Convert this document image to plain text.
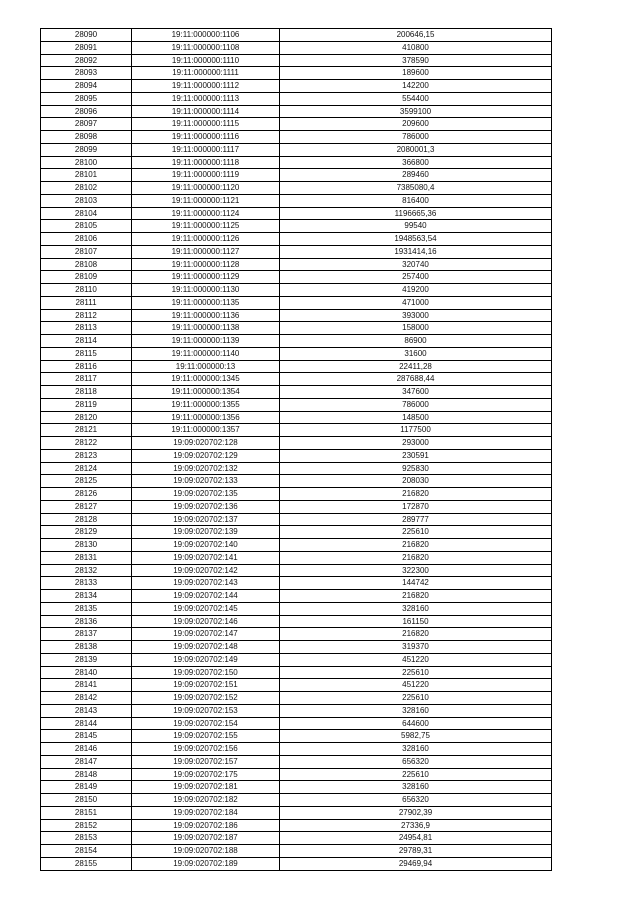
28090	19:11:000000:1106	200646,15
28091	19:11:000000:1108	410800
28092	19:11:000000:1110	378590
28093	19:11:000000:1111	189600
28094	19:11:000000:1112	142200
28095	19:11:000000:1113	554400
28096	19:11:000000:1114	3599100
28097	19:11:000000:1115	209600
28098	19:11:000000:1116	786000
28099	19:11:000000:1117	2080001,3
28100	19:11:000000:1118	366800
28101	19:11:000000:1119	289460
28102	19:11:000000:1120	7385080,4
28103	19:11:000000:1121	816400
28104	19:11:000000:1124	1196665,36
28105	19:11:000000:1125	99540
28106	19:11:000000:1126	1948563,54
28107	19:11:000000:1127	1931414,16
28108	19:11:000000:1128	320740
28109	19:11:000000:1129	257400
28110	19:11:000000:1130	419200
28111	19:11:000000:1135	471000
28112	19:11:000000:1136	393000
28113	19:11:000000:1138	158000
28114	19:11:000000:1139	86900
28115	19:11:000000:1140	31600
28116	19:11:000000:13	22411,28
28117	19:11:000000:1345	287688,44
28118	19:11:000000:1354	347600
28119	19:11:000000:1355	786000
28120	19:11:000000:1356	148500
28121	19:11:000000:1357	1177500
28122	19:09:020702:128	293000
28123	19:09:020702:129	230591
28124	19:09:020702:132	925830
28125	19:09:020702:133	208030
28126	19:09:020702:135	216820
28127	19:09:020702:136	172870
28128	19:09:020702:137	289777
28129	19:09:020702:139	225610
28130	19:09:020702:140	216820
28131	19:09:020702:141	216820
28132	19:09:020702:142	322300
28133	19:09:020702:143	144742
28134	19:09:020702:144	216820
28135	19:09:020702:145	328160
28136	19:09:020702:146	161150
28137	19:09:020702:147	216820
28138	19:09:020702:148	319370
28139	19:09:020702:149	451220
28140	19:09:020702:150	225610
28141	19:09:020702:151	451220
28142	19:09:020702:152	225610
28143	19:09:020702:153	328160
28144	19:09:020702:154	644600
28145	19:09:020702:155	5982,75
28146	19:09:020702:156	328160
28147	19:09:020702:157	656320
28148	19:09:020702:175	225610
28149	19:09:020702:181	328160
28150	19:09:020702:182	656320
28151	19:09:020702:184	27902,39
28152	19:09:020702:186	27336,9
28153	19:09:020702:187	24954,81
28154	19:09:020702:188	29789,31
28155	19:09:020702:189	29469,94
